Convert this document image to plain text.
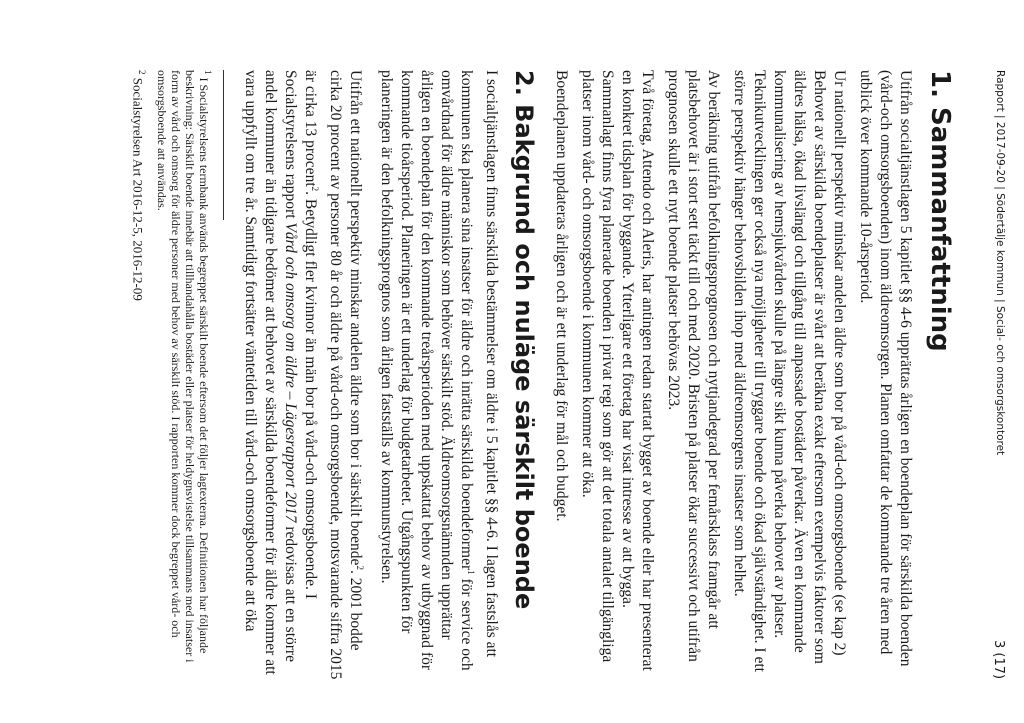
Rapport | 2017-09-20 | Södertälje kommun | Social- och omsorgskontoret
3 (17)
1. Sammanfattning

Utifrån socialtjänstlagen 5 kapitlet §§ 4-6 upprättas årligen en boendeplan för särskilda boenden (vård-och omsorgsboenden) inom äldreomsorgen. Planen omfattar de kommande tre åren med utblick över kommande 10-årsperiod.

Ur nationellt perspektiv minskar andelen äldre som bor på vård-och omsorgsboende (se kap 2) Behovet av särskilda boendeplatser är svårt att beräkna exakt eftersom exempelvis faktorer som äldres hälsa, ökad livslängd och tillgång till anpassade bostäder påverkar. Även en kommande kommunalisering av hemsjukvården skulle på längre sikt kunna påverka behovet av platser. Teknikutvecklingen ger också nya möjligheter till tryggare boende och ökad självständighet. I ett större perspektiv hänger behovsbilden ihop med äldreomsorgens insatser som helhet.

Av beräkning utifrån befolkningsprognosen och nyttjandegrad per femårsklass framgår att platsbehovet är i stort sett täckt till och med 2020. Bristen på platser ökar successivt och utifrån prognosen skulle ett nytt boende platser behövas 2023.

Två företag, Attendo och Aleris, har antingen redan startat bygget av boende eller har presenterat en konkret tidsplan för byggande. Ytterligare ett företag har visat intresse av att bygga. Sammanlagt finns fyra planerade boenden i privat regi som gör att det totala antalet tillgängliga platser inom vård- och omsorgsboende i kommunen kommer att öka.

Boendeplanen uppdateras årligen och är ett underlag för mål och budget.

2. Bakgrund och nuläge särskilt boende

I socialtjänstlagen finns särskilda bestämmelser om äldre i 5 kapitlet §§ 4-6. I lagen fastslås att kommunen ska planera sina insatser för äldre och inrätta särskilda boendeformer$^1$ för service och omvårdnad för äldre människor som behöver särskilt stöd. Äldreomsorgsnämnden upprättar årligen en boendeplan för den kommande treårsperioden med uppskattat behov av utbyggnad för kommande tioårsperiod. Planeringen är ett underlag för budgetarbetet. Utgångspunkten för planeringen är den befolkningsprognos som årligen fastställs av kommunstyrelsen.

Utifrån ett nationellt perspektiv minskar andelen äldre som bor i särskilt boende$^2$. 2001 bodde cirka 20 procent av personer 80 år och äldre på vård-och omsorgsboende, motsvarande siffra 2015 är cirka 13 procent$^2$. Betydligt fler kvinnor än män bor på vård-och omsorgsboende. I Socialstyrelsens rapport Vård och omsorg om äldre – Lägesrapport 2017 redovisas att en större andel kommuner än tidigare bedömer att behovet av särskilda boendeformer för äldre kommer att vara uppfyllt om tre år. Samtidigt fortsätter väntetiden till vård-och omsorgsboende att öka

$^1$ I Socialstyrelsens termbank används begreppet särskilt boende eftersom det följer lagtexterna. Definitionen har följande beskrivning: Särskilt boende innebär att tillhandahålla bostäder eller platser för heldygnsvistelse tillsammans med insatser i form av vård och omsorg för äldre personer med behov av särskilt stöd. I rapporten kommer dock begreppet vård- och omsorgsboende att användas.

$^2$ Socialstyrelsen Art 2016-12-5, 2016-12-09
